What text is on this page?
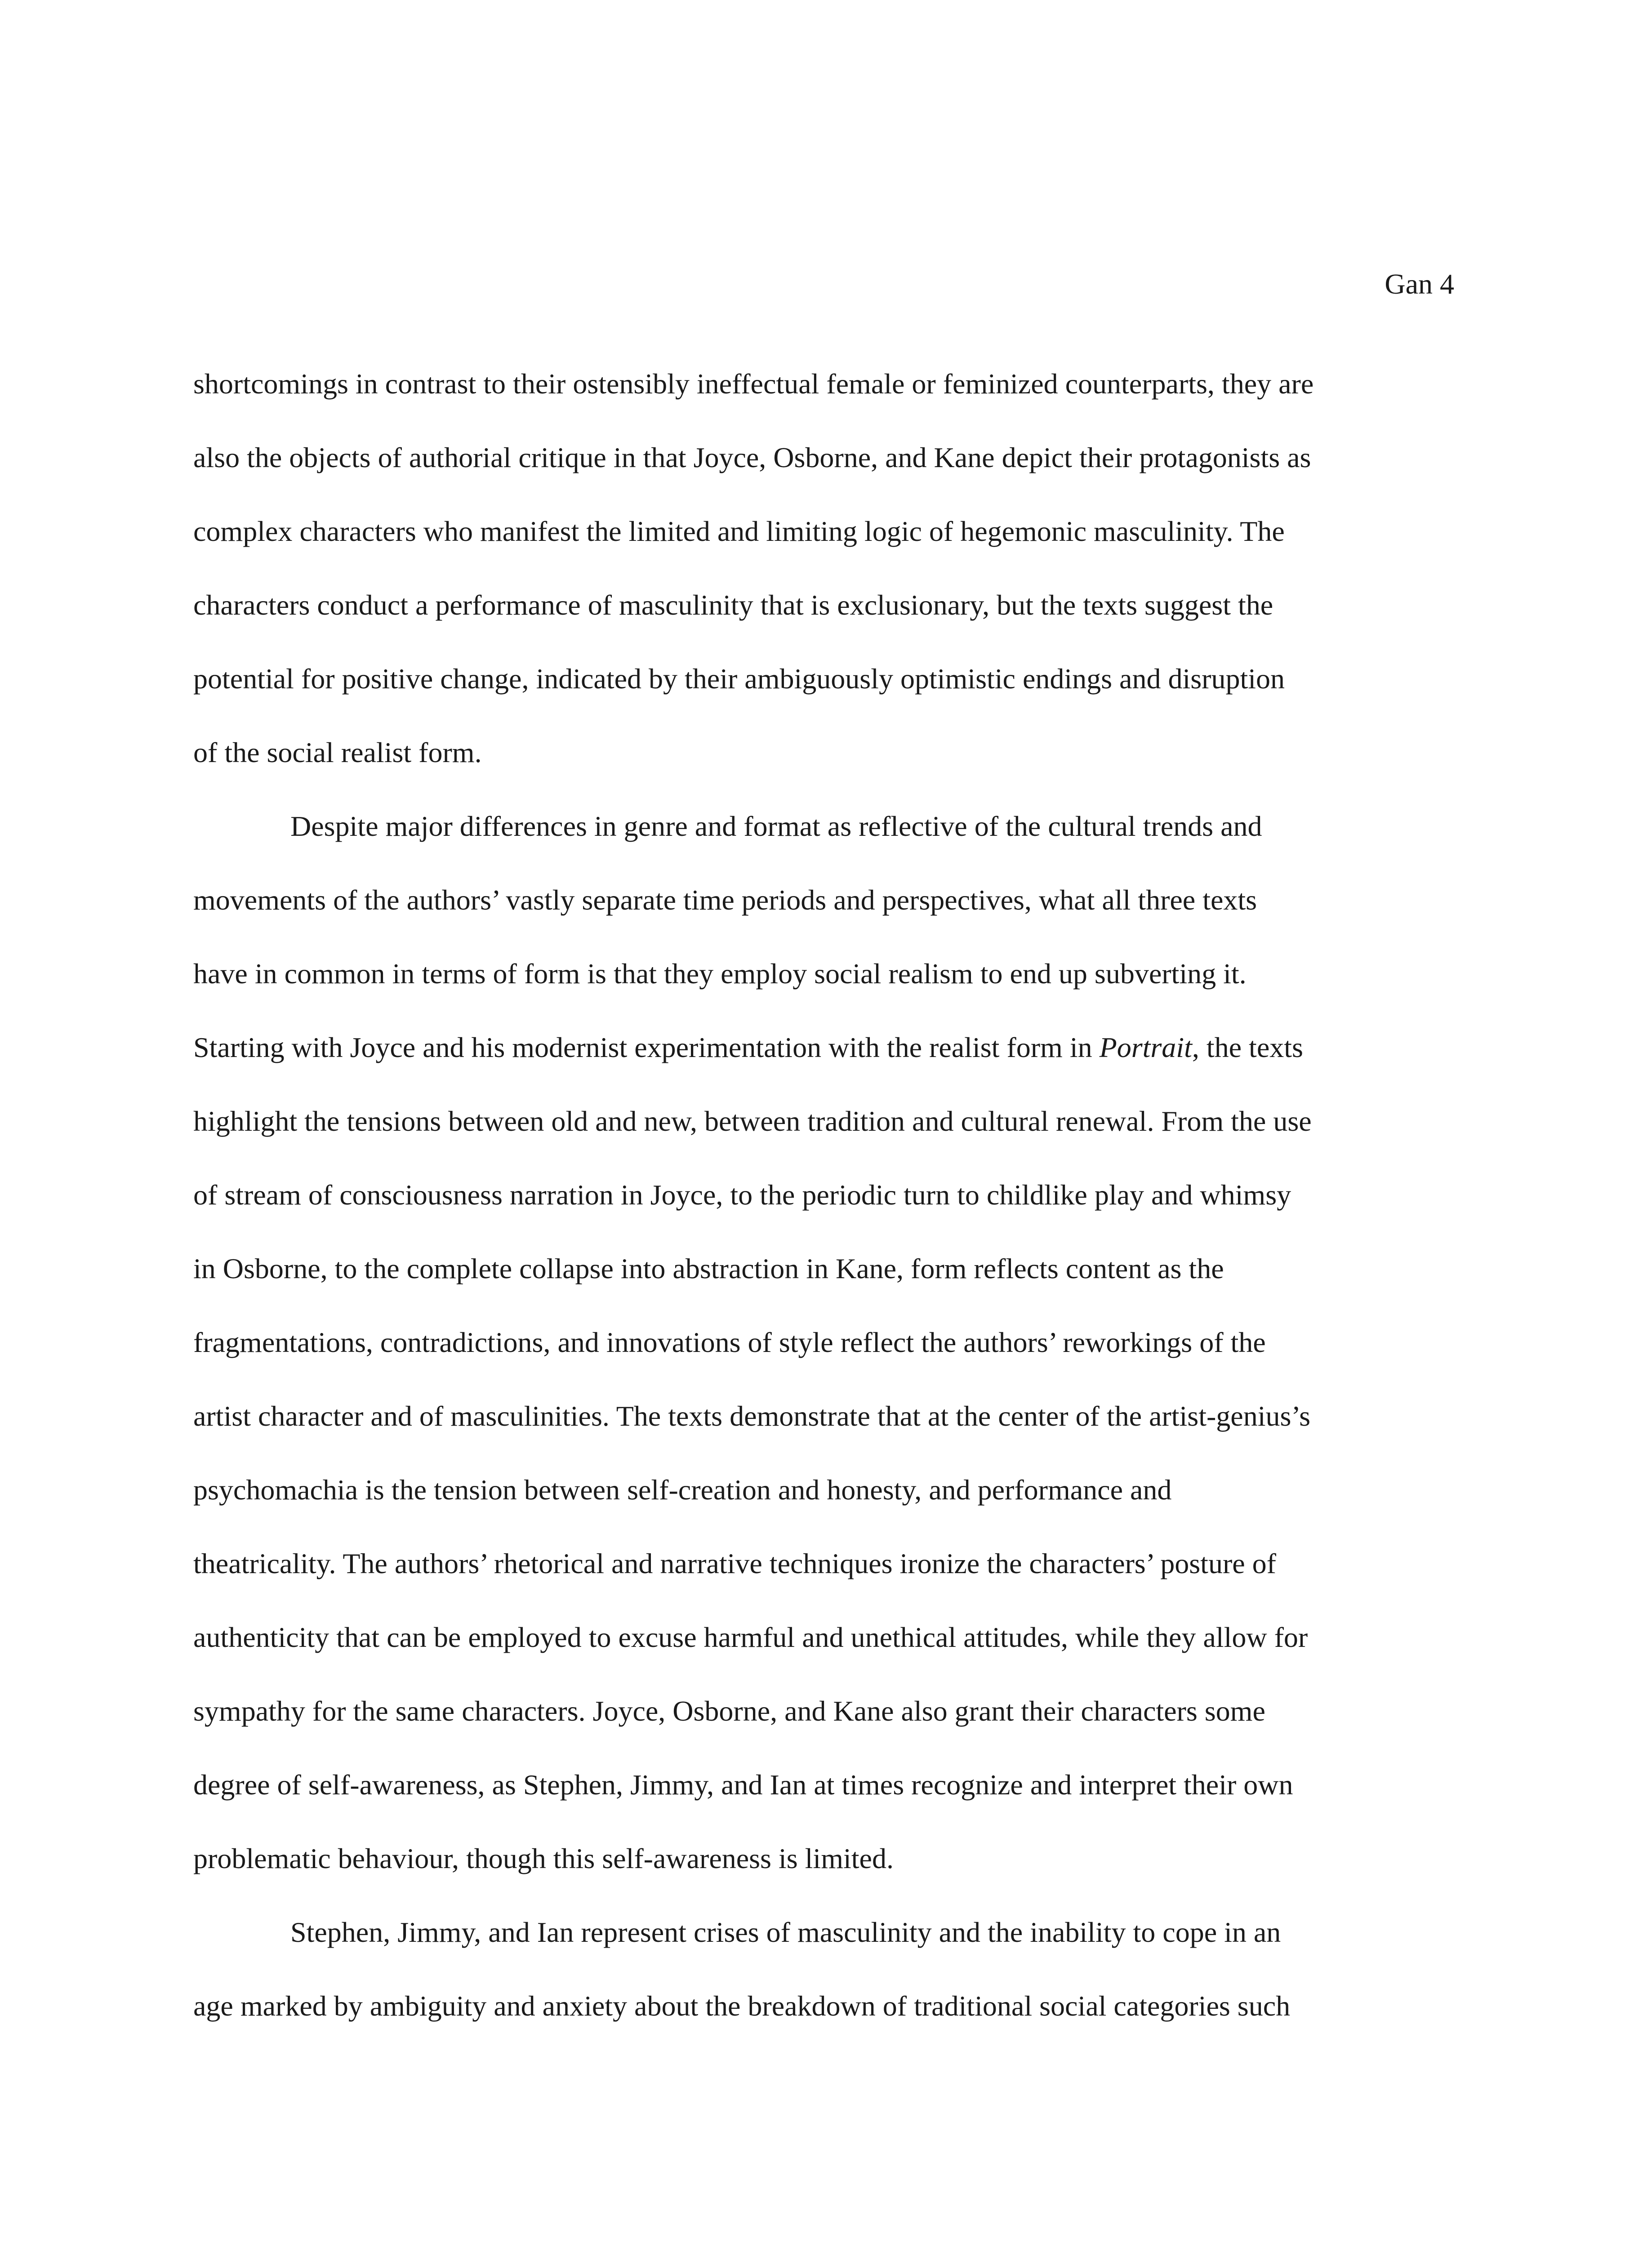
Gan 4
shortcomings in contrast to their ostensibly ineffectual female or feminized counterparts, they are
also the objects of authorial critique in that Joyce, Osborne, and Kane depict their protagonists as
complex characters who manifest the limited and limiting logic of hegemonic masculinity. The
characters conduct a performance of masculinity that is exclusionary, but the texts suggest the
potential for positive change, indicated by their ambiguously optimistic endings and disruption
of the social realist form.
Despite major differences in genre and format as reflective of the cultural trends and
movements of the authors’ vastly separate time periods and perspectives, what all three texts
have in common in terms of form is that they employ social realism to end up subverting it.
Starting with Joyce and his modernist experimentation with the realist form in Portrait, the texts
highlight the tensions between old and new, between tradition and cultural renewal. From the use
of stream of consciousness narration in Joyce, to the periodic turn to childlike play and whimsy
in Osborne, to the complete collapse into abstraction in Kane, form reflects content as the
fragmentations, contradictions, and innovations of style reflect the authors’ reworkings of the
artist character and of masculinities. The texts demonstrate that at the center of the artist-genius’s
psychomachia is the tension between self-creation and honesty, and performance and
theatricality. The authors’ rhetorical and narrative techniques ironize the characters’ posture of
authenticity that can be employed to excuse harmful and unethical attitudes, while they allow for
sympathy for the same characters. Joyce, Osborne, and Kane also grant their characters some
degree of self-awareness, as Stephen, Jimmy, and Ian at times recognize and interpret their own
problematic behaviour, though this self-awareness is limited.
Stephen, Jimmy, and Ian represent crises of masculinity and the inability to cope in an
age marked by ambiguity and anxiety about the breakdown of traditional social categories such
